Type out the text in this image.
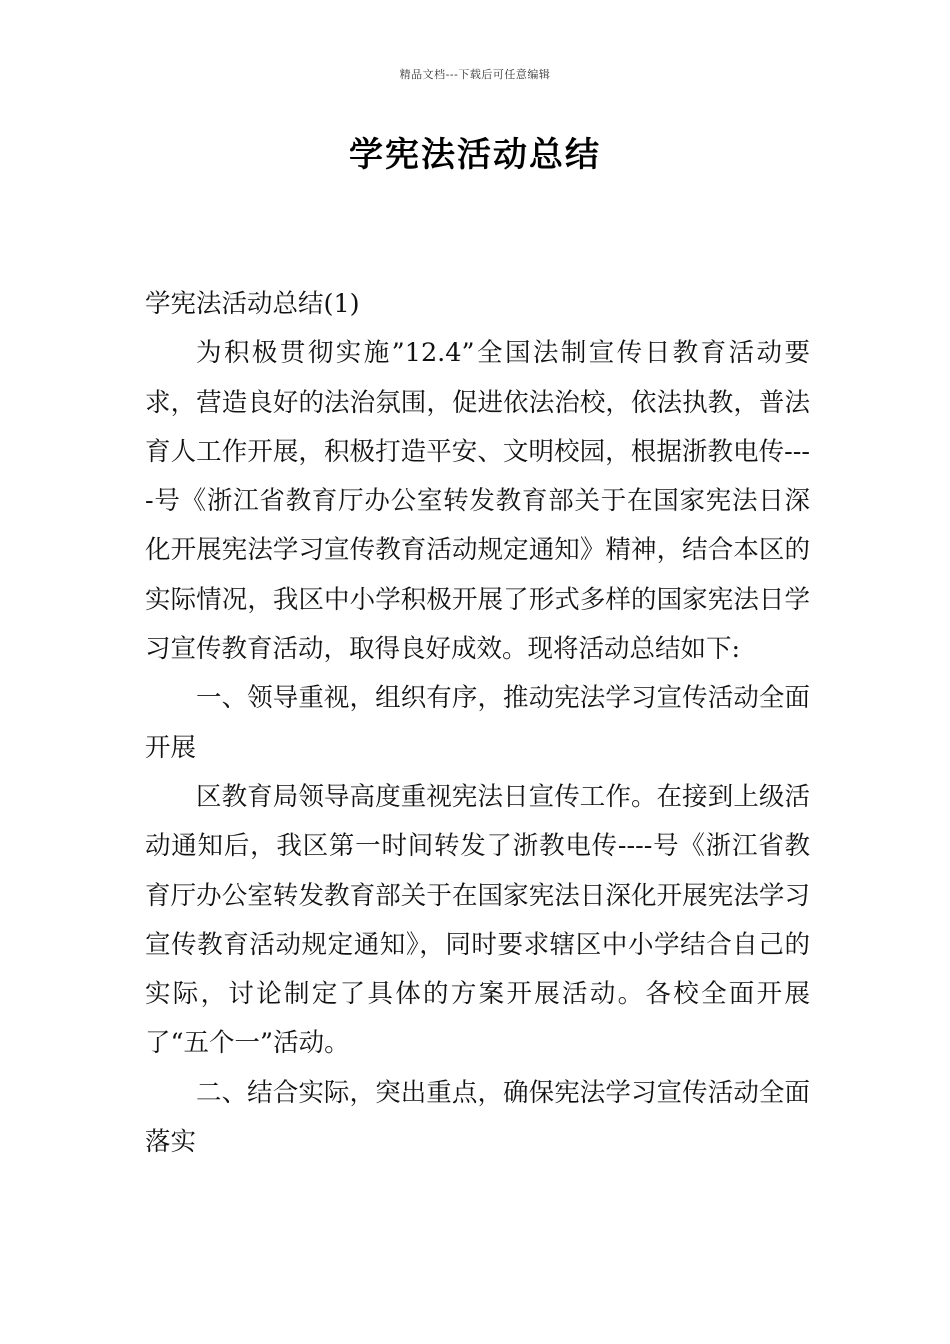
精品文档---下载后可任意编辑
学宪法活动总结

学宪法活动总结(1)

为积极贯彻实施”12.4”全国法制宣传日教育活动要求，营造良好的法治氛围，促进依法治校，依法执教，普法育人工作开展，积极打造平安、文明校园，根据浙教电传----号《浙江省教育厅办公室转发教育部关于在国家宪法日深化开展宪法学习宣传教育活动规定通知》精神，结合本区的实际情况，我区中小学积极开展了形式多样的国家宪法日学习宣传教育活动，取得良好成效。现将活动总结如下:

一、领导重视，组织有序，推动宪法学习宣传活动全面开展

区教育局领导高度重视宪法日宣传工作。在接到上级活动通知后，我区第一时间转发了浙教电传----号《浙江省教育厅办公室转发教育部关于在国家宪法日深化开展宪法学习宣传教育活动规定通知》，同时要求辖区中小学结合自己的实际，讨论制定了具体的方案开展活动。各校全面开展了“五个一”活动。

二、结合实际，突出重点，确保宪法学习宣传活动全面落实
